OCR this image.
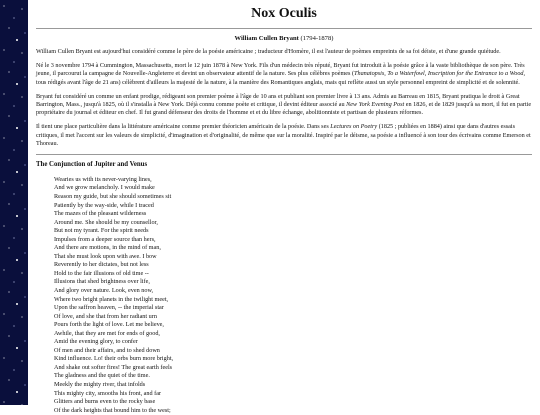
Nox Oculis
William Cullen Bryant (1794-1878)

William Cullen Bryant est aujourd'hui considéré comme le père de la poésie américaine ; traducteur d'Homère, il est l'auteur de poèmes empreints de sa foi déiste, et d'une grande quiétude.

Né le 3 novembre 1794 à Cummington, Massachusetts, mort le 12 juin 1878 à New York. Fils d'un médecin très réputé, Bryant fut introduit à la poésie grâce à la vaste bibliothèque de son père. Très jeune, il parcourut la campagne de Nouvelle-Angleterre et devint un observateur attentif de la nature. Ses plus célèbres poèmes (Thanatopsis, To a Waterfowl, Inscription for the Entrance to a Wood, tous rédigés avant l'âge de 21 ans) célèbrent d'ailleurs la majesté de la nature, à la manière des Romantiques anglais, mais qui reflète aussi un style personnel empreint de simplicité et de solennité.

Bryant fut considéré un comme un enfant prodige, rédigeant son premier poème à l'âge de 10 ans et publiant son premier livre à 13 ans. Admis au Barreau en 1815, Bryant pratiqua le droit à Great Barrington, Mass., jusqu'à 1825, où il s'installa à New York. Déjà connu comme poète et critique, il devint éditeur associé au New York Evening Post en 1826, et de 1829 jusqu'à sa mort, il fut en partie propriétaire du journal et éditeur en chef. Il fut grand défenseur des droits de l'homme et et du libre échange, abolitionniste et partisan de plusieurs réformes.

Il tient une place particulière dans la littérature américaine comme premier théoricien américain de la poésie. Dans ses Lectures on Poetry (1825 ; publiées en 1884) ainsi que dans d'autres essais critiques, il met l'accent sur les valeurs de simplicité, d'imagination et d'originalité, de même que sur la moralité. Inspiré par le déisme, sa poésie a influencé à son tour des écrivains comme Emerson et Thoreau.

The Conjunction of Jupiter and Venus
Wearies us with its never-varying lines,
And we grow melancholy. I would make
Reason my guide, but she should sometimes sit
Patiently by the way-side, while I traced
The mazes of the pleasant wilderness
Around me. She should be my counsellor,
But not my tyrant. For the spirit needs
Impulses from a deeper source than hers,
And there are motions, in the mind of man,
That she must look upon with awe. I bow
Reverently to her dictates, but not less
Hold to the fair illusions of old time --
Illusions that shed brightness over life,
And glory over nature. Look, even now,
Where two bright planets in the twilight meet,
Upon the saffron heaven, -- the imperial star
Of love, and she that from her radiant urn
Pours forth the light of love. Let me believe,
Awhile, that they are met for ends of good,
Amid the evening glory, to confer
Of men and their affairs, and to shed down
Kind influence. Lo! their orbs burn more bright,
And shake out softer fires! The great earth feels
The gladness and the quiet of the time.
Meekly the mighty river, that infolds
This mighty city, smooths his front, and far
Glitters and burns even to the rocky base
Of the dark heights that bound him to the west;
